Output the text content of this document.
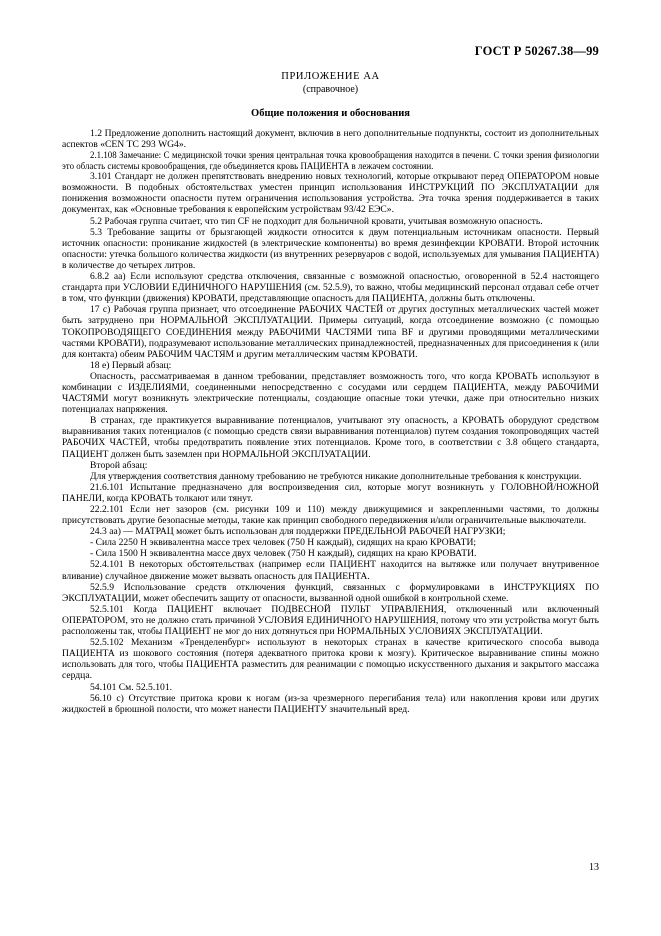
ГОСТ Р 50267.38—99
ПРИЛОЖЕНИЕ АА
(справочное)
Общие положения и обоснования

1.2 Предложение дополнить настоящий документ, включив в него дополнительные подпункты, состоит из дополнительных аспектов «CEN ТС 293 WG4».

2.1.108 Замечание: С медицинской точки зрения центральная точка кровообращения находится в печени. С точки зрения физиологии это область системы кровообращения, где объединяется кровь ПАЦИЕНТА в лежачем состоянии.

3.101 Стандарт не должен препятствовать внедрению новых технологий, которые открывают перед ОПЕРАТОРОМ новые возможности. В подобных обстоятельствах уместен принцип использования ИНСТРУКЦИЙ ПО ЭКСПЛУАТАЦИИ для понижения возможности опасности путем ограничения использования устройства. Эта точка зрения поддерживается в таких документах, как «Основные требования к европейским устройствам 93/42 ЕЭС».

5.2 Рабочая группа считает, что тип CF не подходит для больничной кровати, учитывая возможную опасность.

5.3 Требование защиты от брызгающей жидкости относится к двум потенциальным источникам опасности. Первый источник опасности: проникание жидкостей (в электрические компоненты) во время дезинфекции КРОВАТИ. Второй источник опасности: утечка большого количества жидкости (из внутренних резервуаров с водой, используемых для умывания ПАЦИЕНТА) в количестве до четырех литров.

6.8.2 аа) Если используют средства отключения, связанные с возможной опасностью, оговоренной в 52.4 настоящего стандарта при УСЛОВИИ ЕДИНИЧНОГО НАРУШЕНИЯ (см. 52.5.9), то важно, чтобы медицинский персонал отдавал себе отчет в том, что функции (движения) КРОВАТИ, представляющие опасность для ПАЦИЕНТА, должны быть отключены.

17 с) Рабочая группа признает, что отсоединение РАБОЧИХ ЧАСТЕЙ от других доступных металлических частей может быть затруднено при НОРМАЛЬНОЙ ЭКСПЛУАТАЦИИ. Примеры ситуаций, когда отсоединение возможно (с помощью ТОКОПРОВОДЯЩЕГО СОЕДИНЕНИЯ между РАБОЧИМИ ЧАСТЯМИ типа BF и другими проводящими металлическими частями КРОВАТИ), подразумевают использование металлических принадлежностей, предназначенных для присоединения к (или для контакта) обеим РАБОЧИМ ЧАСТЯМ и другим металлическим частям КРОВАТИ.

18 е) Первый абзац:

Опасность, рассматриваемая в данном требовании, представляет возможность того, что когда КРОВАТЬ используют в комбинации с ИЗДЕЛИЯМИ, соединенными непосредственно с сосудами или сердцем ПАЦИЕНТА, между РАБОЧИМИ ЧАСТЯМИ могут возникнуть электрические потенциалы, создающие опасные токи утечки, даже при относительно низких потенциалах напряжения.

В странах, где практикуется выравнивание потенциалов, учитывают эту опасность, а КРОВАТЬ оборудуют средством выравнивания таких потенциалов (с помощью средств связи выравнивания потенциалов) путем создания токопроводящих частей РАБОЧИХ ЧАСТЕЙ, чтобы предотвратить появление этих потенциалов. Кроме того, в соответствии с 3.8 общего стандарта, ПАЦИЕНТ должен быть заземлен при НОРМАЛЬНОЙ ЭКСПЛУАТАЦИИ.

Второй абзац:

Для утверждения соответствия данному требованию не требуются никакие дополнительные требования к конструкции.

21.6.101 Испытание предназначено для воспроизведения сил, которые могут возникнуть у ГОЛОВНОЙ/НОЖНОЙ ПАНЕЛИ, когда КРОВАТЬ толкают или тянут.

22.2.101 Если нет зазоров (см. рисунки 109 и 110) между движущимися и закрепленными частями, то должны присутствовать другие безопасные методы, такие как принцип свободного передвижения и/или ограничительные выключатели.

24.3 аа) — МАТРАЦ может быть использован для поддержки ПРЕДЕЛЬНОЙ РАБОЧЕЙ НАГРУЗКИ;

- Сила 2250 Н эквивалентна массе трех человек (750 Н каждый), сидящих на краю КРОВАТИ;

- Сила 1500 Н эквивалентна массе двух человек (750 Н каждый), сидящих на краю КРОВАТИ.

52.4.101 В некоторых обстоятельствах (например если ПАЦИЕНТ находится на вытяжке или получает внутривенное вливание) случайное движение может вызвать опасность для ПАЦИЕНТА.

52.5.9 Использование средств отключения функций, связанных с формулировками в ИНСТРУКЦИЯХ ПО ЭКСПЛУАТАЦИИ, может обеспечить защиту от опасности, вызванной одной ошибкой в контрольной схеме.

52.5.101 Когда ПАЦИЕНТ включает ПОДВЕСНОЙ ПУЛЬТ УПРАВЛЕНИЯ, отключенный или включенный ОПЕРАТОРОМ, это не должно стать причиной УСЛОВИЯ ЕДИНИЧНОГО НАРУШЕНИЯ, потому что эти устройства могут быть расположены так, чтобы ПАЦИЕНТ не мог до них дотянуться при НОРМАЛЬНЫХ УСЛОВИЯХ ЭКСПЛУАТАЦИИ.

52.5.102 Механизм «Тренделенбург» используют в некоторых странах в качестве критического способа вывода ПАЦИЕНТА из шокового состояния (потеря адекватного притока крови к мозгу). Критическое выравнивание спины можно использовать для того, чтобы ПАЦИЕНТА разместить для реанимации с помощью искусственного дыхания и закрытого массажа сердца.

54.101 См. 52.5.101.

56.10 с) Отсутствие притока крови к ногам (из-за чрезмерного перегибания тела) или накопления крови или других жидкостей в брюшной полости, что может нанести ПАЦИЕНТУ значительный вред.

13
